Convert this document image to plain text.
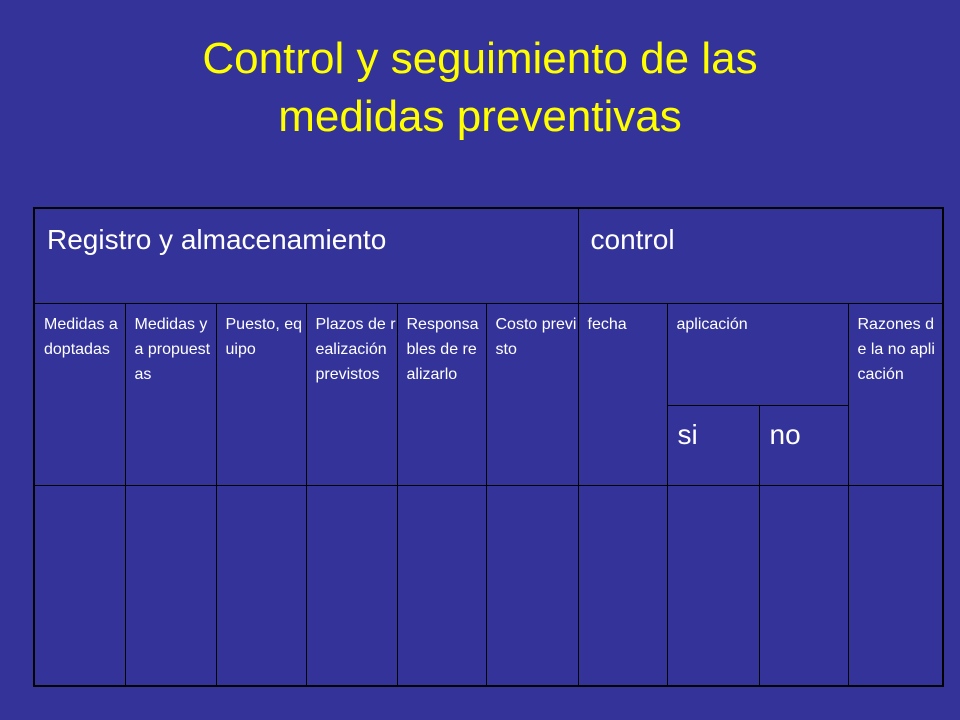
Control y seguimiento de las
medidas preventivas
Registro y almacenamiento						control			
Medidas adoptadas	Medidas ya propuestas	Puesto, equipo	Plazos de realización previstos	Responsables de realizarlo	Costo previsto	fecha	aplicación		Razones de la no aplicación
							si	no	
